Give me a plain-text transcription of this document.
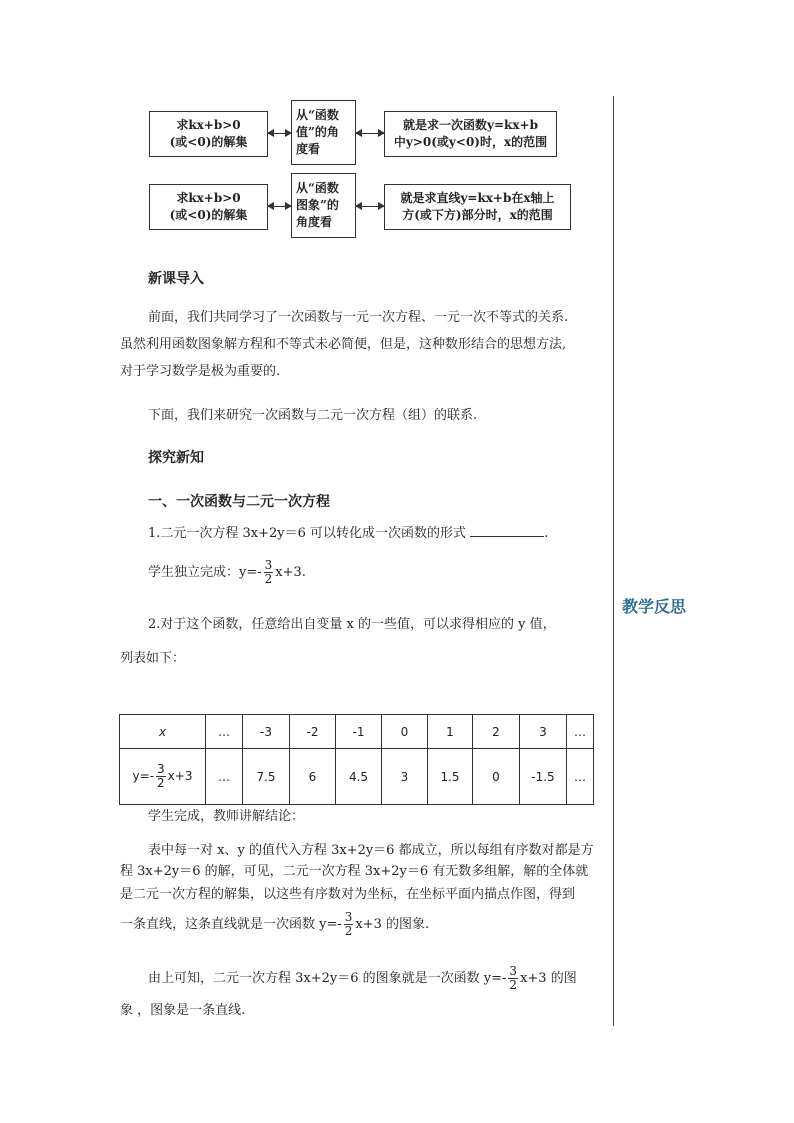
求kx+b>0
(或<0)的解集
从“函数
值”的角
度看
就是求一次函数y=kx+b
中y>0(或y<0)时，x的范围
求kx+b>0
(或<0)的解集
从“函数
图象”的
角度看
就是求直线y=kx+b在x轴上
方(或下方)部分时，x的范围
教学反思
新课导入
前面，我们共同学习了一次函数与一元一次方程、一元一次不等式的关系.
虽然利用函数图象解方程和不等式未必简便，但是，这种数形结合的思想方法,
对于学习数学是极为重要的.
下面，我们来研究一次函数与二元一次方程（组）的联系.
探究新知
一、一次函数与二元一次方程
1.二元一次方程 3x+2y＝6 可以转化成一次函数的形式	.
学生独立完成：$y=- \frac{3}{2} x+3$.
2.对于这个函数，任意给出自变量 x 的一些值，可以求得相应的 y 值，
列表如下：
x	…	-3	-2	-1	0	1	2	3	…
$y=- \frac{3}{2} x+3$	…	7.5	6	4.5	3	1.5	0	-1.5	…
学生完成，教师讲解结论：
表中每一对 x、y 的值代入方程 3x+2y＝6 都成立，所以每组有序数对都是方
程 3x+2y＝6 的解，可见，二元一次方程 3x+2y＝6 有无数多组解，解的全体就
是二元一次方程的解集，以这些有序数对为坐标，在坐标平面内描点作图，得到
一条直线，这条直线就是一次函数 $y=- \frac{3}{2} x+3$ 的图象.
由上可知，二元一次方程 3x+2y＝6 的图象就是一次函数 $y=- \frac{3}{2} x+3$ 的图
象 ，图象是一条直线.
